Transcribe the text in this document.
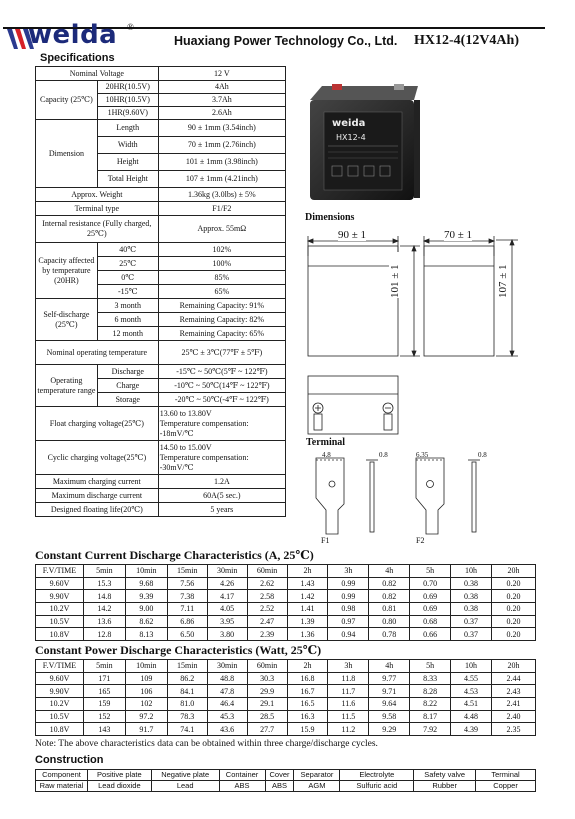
weida ®
Huaxiang Power Technology Co., Ltd. HX12-4(12V4Ah)
Specifications
Nominal Voltage		12 V
Capacity (25℃)	20HR(10.5V)	4Ah
	10HR(10.5V)	3.7Ah
	1HR(9.60V)	2.6Ah
Dimension	Length	90 ± 1mm (3.54inch)
	Width	70 ± 1mm (2.76inch)
	Height	101 ± 1mm (3.98inch)
	Total Height	107 ± 1mm (4.21inch)
Approx. Weight		1.36kg (3.0lbs) ± 5%
Terminal type		F1/F2
Internal resistance (Fully charged, 25℃)		Approx. 55mΩ
Capacity affected by temperature (20HR)	40℃	102%
	25℃	100%
	0℃	85%
	-15℃	65%
Self-discharge (25℃)	3 month	Remaining Capacity: 91%
	6 month	Remaining Capacity: 82%
	12 month	Remaining Capacity: 65%
Nominal operating temperature		25℃ ± 3℃(77℉ ± 5℉)
Operating temperature range	Discharge	-15℃ ~ 50℃(5℉ ~ 122℉)
	Charge	-10℃ ~ 50℃(14℉ ~ 122℉)
	Storage	-20℃ ~ 50℃(-4℉ ~ 122℉)
Float charging voltage(25℃)		13.60 to 13.80V
Temperature compensation:
-18mV/℃

Cyclic charging voltage(25℃)		14.50 to 15.00V
Temperature compensation:
-30mV/℃

Maximum charging current		1.2A
Maximum discharge current		60A(5 sec.)
Designed floating life(20℃)		5 years
weida
HX12-4
Dimensions
90 ± 1	70 ± 1
101 ± 1	107 ± 1
Terminal
4.8	0.8	6.35	0.8
F1	F2
Constant Current Discharge Characteristics (A, 25℃)
F.V/TIME	5min	10min	15min	30min	60min	2h	3h	4h	5h	10h	20h
9.60V	15.3	9.68	7.56	4.26	2.62	1.43	0.99	0.82	0.70	0.38	0.20
9.90V	14.8	9.39	7.38	4.17	2.58	1.42	0.99	0.82	0.69	0.38	0.20
10.2V	14.2	9.00	7.11	4.05	2.52	1.41	0.98	0.81	0.69	0.38	0.20
10.5V	13.6	8.62	6.86	3.95	2.47	1.39	0.97	0.80	0.68	0.37	0.20
10.8V	12.8	8.13	6.50	3.80	2.39	1.36	0.94	0.78	0.66	0.37	0.20
Constant Power Discharge Characteristics (Watt, 25℃)
F.V/TIME	5min	10min	15min	30min	60min	2h	3h	4h	5h	10h	20h
9.60V	171	109	86.2	48.8	30.3	16.8	11.8	9.77	8.33	4.55	2.44
9.90V	165	106	84.1	47.8	29.9	16.7	11.7	9.71	8.28	4.53	2.43
10.2V	159	102	81.0	46.4	29.1	16.5	11.6	9.64	8.22	4.51	2.41
10.5V	152	97.2	78.3	45.3	28.5	16.3	11.5	9.58	8.17	4.48	2.40
10.8V	143	91.7	74.1	43.6	27.7	15.9	11.2	9.29	7.92	4.39	2.35
Note: The above characteristics data can be obtained within three charge/discharge cycles.
Construction
Component	Positive plate	Negative plate	Container	Cover	Separator	Electrolyte	Safety valve	Terminal
Raw material	Lead dioxide	Lead	ABS	ABS	AGM	Sulfuric acid	Rubber	Copper
